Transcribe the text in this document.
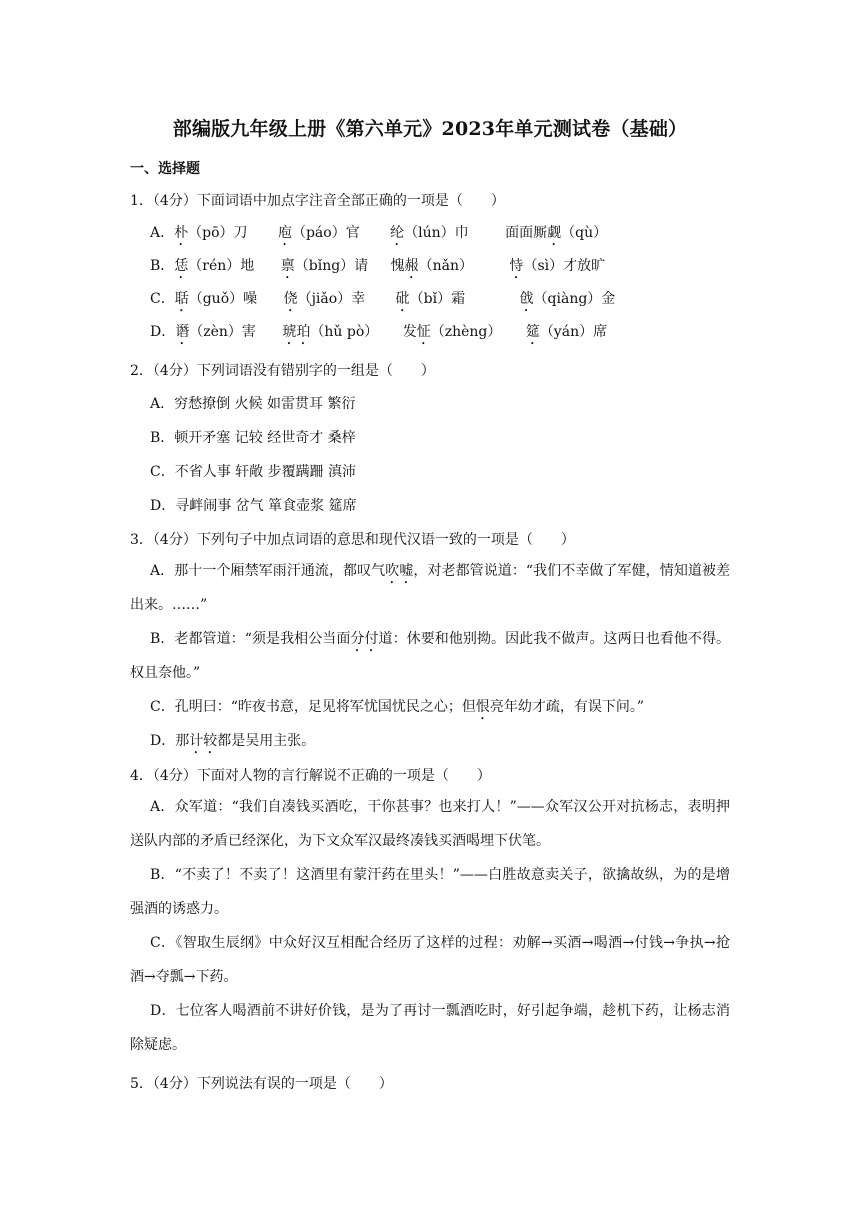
部编版九年级上册《第六单元》2023年单元测试卷（基础）
一、选择题
1．（4分）下面词语中加点字注音全部正确的一项是（　　）
A．朴（pō）刀 庖（páo）官 纶（lún）巾	面面厮觑（qù）
B．恁（rén）地 禀（bǐng）请 愧赧（nǎn）	恃（sì）才放旷
C．聒（guǒ）噪 侥（jiǎo）幸 砒（bǐ）霜	戗（qiàng）金
D．谮（zèn）害 琥珀（hǔ pò） 发怔（zhèng） 筵（yán）席
2．（4分）下列词语没有错别字的一组是（　　）
A．穷愁撩倒 火候 如雷贯耳 繁衍
B．顿开矛塞 记较 经世奇才 桑梓
C．不省人事 轩敞 步覆蹒跚 滇沛
D．寻衅闹事 岔气 箪食壶浆 筵席
3．（4分）下列句子中加点词语的意思和现代汉语一致的一项是（　　）
A．那十一个厢禁军雨汗通流，都叹气吹嘘，对老都管说道：“我们不幸做了军健，情知道被差出来。……”
B．老都管道：“须是我相公当面分付道：休要和他别拗。因此我不做声。这两日也看他不得。权且奈他。”
C．孔明曰：“昨夜书意，足见将军忧国忧民之心；但恨亮年幼才疏，有误下问。”
D．那计较都是吴用主张。
4．（4分）下面对人物的言行解说不正确的一项是（　　）
A．众军道：“我们自凑钱买酒吃，干你甚事？也来打人！”——众军汉公开对抗杨志，表明押送队内部的矛盾已经深化，为下文众军汉最终凑钱买酒喝埋下伏笔。
B．“不卖了！不卖了！这酒里有蒙汗药在里头！”——白胜故意卖关子，欲擒故纵，为的是增强酒的诱惑力。
C．《智取生辰纲》中众好汉互相配合经历了这样的过程：劝解→买酒→喝酒→付钱→争执→抢酒→夺瓢→下药。
D．七位客人喝酒前不讲好价钱，是为了再讨一瓢酒吃时，好引起争端，趁机下药，让杨志消除疑虑。
5．（4分）下列说法有误的一项是（　　）
